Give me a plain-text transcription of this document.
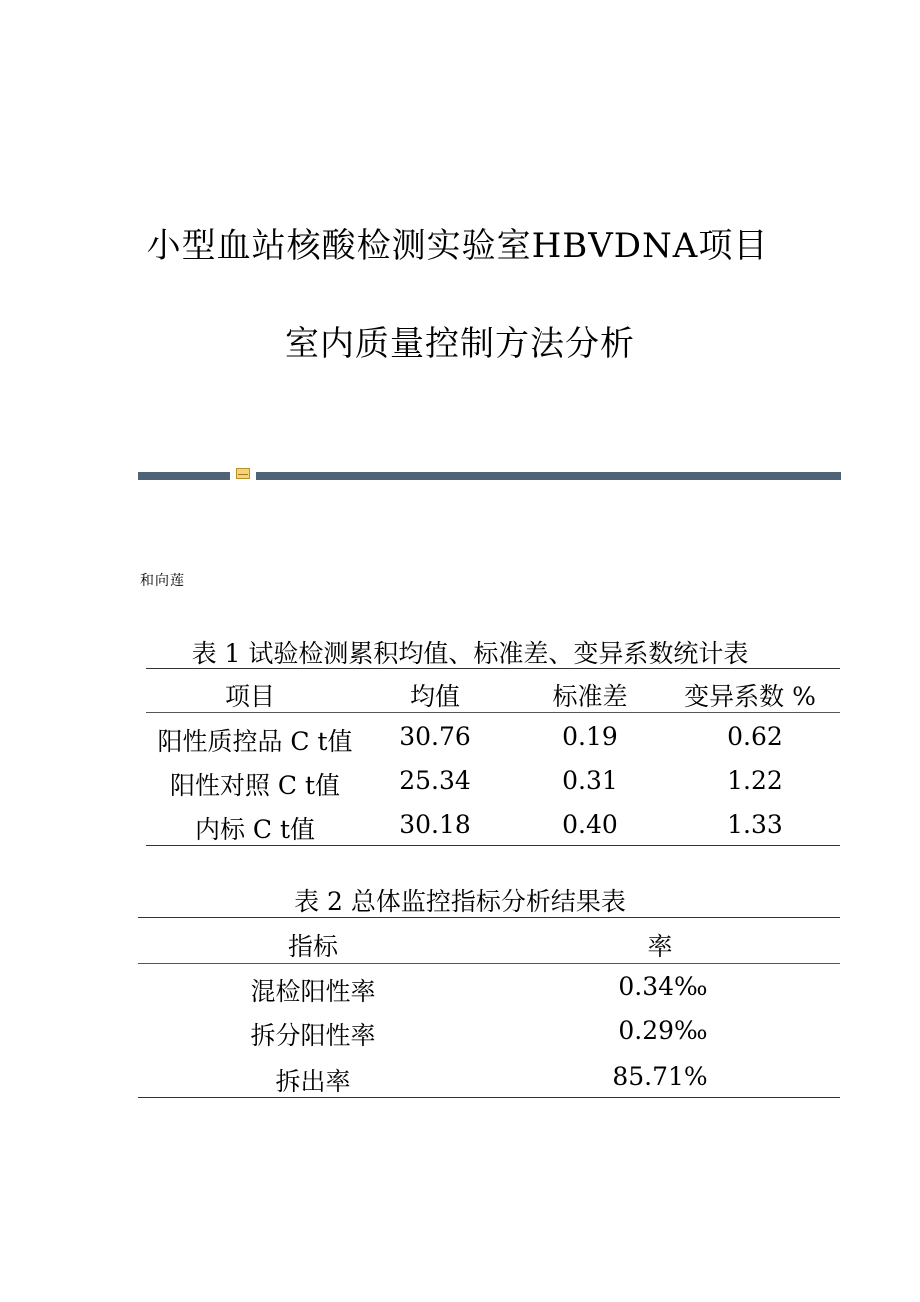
小型血站核酸检测实验室HBVDNA项目
室内质量控制方法分析
和向莲
表 1 试验检测累积均值、标准差、变异系数统计表
项目	均值	标准差	变异系数 %
阳性质控品 C t值	30.76	0.19	0.62
阳性对照 C t值	25.34	0.31	1.22
内标 C t值	30.18	0.40	1.33
表 2 总体监控指标分析结果表
指标	率
混检阳性率	0.34‰
拆分阳性率	0.29‰
拆出率	85.71%
